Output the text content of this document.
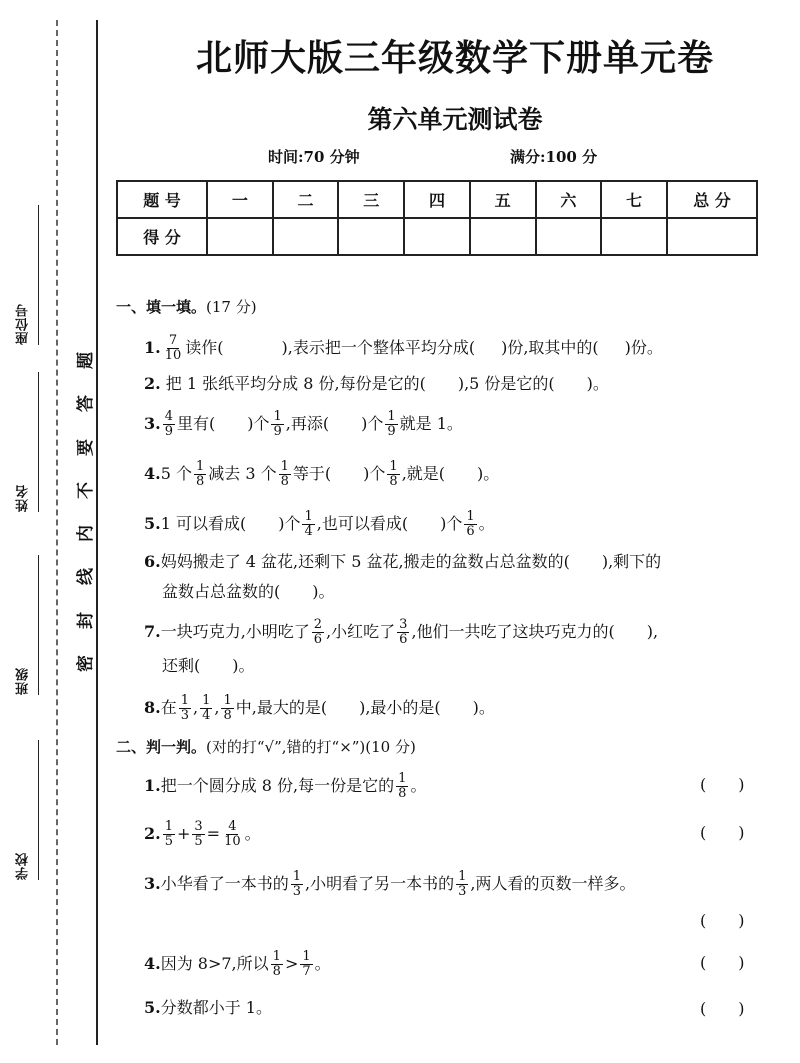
座位号
姓名
班级
学校
题
答
要
不
内
线
封
密
北师大版三年级数学下册单元卷
第六单元测试卷
时间:70 分钟	满分:100 分
题 号	一	二	三	四	五	六	七	总 分
得 分								
一、填一填。(17 分)
1. $\frac{7}{10}$ 读作(	),表示把一个整体平均分成( )份,取其中的( )份。
2. 把 1 张纸平均分成 8 份,每份是它的(　　),5 份是它的(　　)。
3. $\frac{4}{9}$ 里有(　　)个 $\frac{1}{9}$ ,再添(　　)个 $\frac{1}{9}$ 就是 1。
4.5 个 $\frac{1}{8}$ 减去 3 个 $\frac{1}{8}$ 等于(　　)个 $\frac{1}{8}$ ,就是(　　)。
5.1 可以看成(　　)个 $\frac{1}{4}$ ,也可以看成(　　)个 $\frac{1}{6}$ 。
6.妈妈搬走了 4 盆花,还剩下 5 盆花,搬走的盆数占总盆数的(　　),剩下的
盆数占总盆数的(　　)。
7.一块巧克力,小明吃了 $\frac{2}{6}$ ,小红吃了 $\frac{3}{6}$ ,他们一共吃了这块巧克力的(　　),
还剩(　　)。
8.在 $\frac{1}{3}$ , $\frac{1}{4}$ , $\frac{1}{8}$ 中,最大的是(　　),最小的是(　　)。
二、判一判。(对的打“√”,错的打“×”)(10 分)
1.把一个圆分成 8 份,每一份是它的 $\frac{1}{8}$ 。	(　　)
2. $\frac{1}{5} + \frac{3}{5} = \frac{4}{10}$ 。	(　　)
3.小华看了一本书的 $\frac{1}{3}$ ,小明看了另一本书的 $\frac{1}{3}$ ,两人看的页数一样多。
(　　)
4.因为 8>7,所以 $\frac{1}{8} > \frac{1}{7}$ 。	(　　)
5.分数都小于 1。	(　　)
